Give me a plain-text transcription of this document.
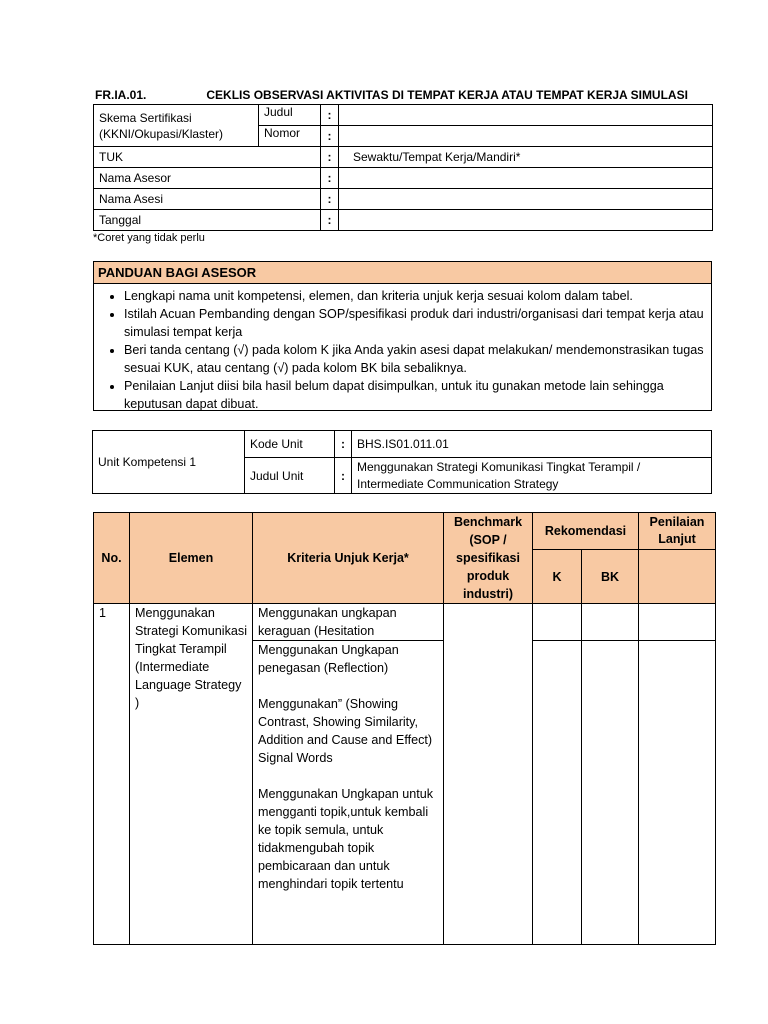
FR.IA.01.	CEKLIS OBSERVASI AKTIVITAS DI TEMPAT KERJA ATAU TEMPAT KERJA SIMULASI
Skema Sertifikasi
(KKNI/Okupasi/Klaster)	Judul	:	
	Nomor	:	
TUK		:	Sewaktu/Tempat Kerja/Mandiri*
Nama Asesor		:	
Nama Asesi		:	
Tanggal		:	
*Coret yang tidak perlu
PANDUAN BAGI ASESOR
• Lengkapi nama unit kompetensi, elemen, dan kriteria unjuk kerja sesuai kolom dalam tabel.
• Istilah Acuan Pembanding dengan SOP/spesifikasi produk dari industri/organisasi dari tempat kerja atau simulasi tempat kerja
• Beri tanda centang (√) pada kolom K jika Anda yakin asesi dapat melakukan/ mendemonstrasikan tugas sesuai KUK, atau centang (√) pada kolom BK bila sebaliknya.
• Penilaian Lanjut diisi bila hasil belum dapat disimpulkan, untuk itu gunakan metode lain sehingga keputusan dapat dibuat.
Unit Kompetensi 1	Kode Unit	:	BHS.IS01.011.01
	Judul Unit	:	Menggunakan Strategi Komunikasi Tingkat Terampil /
Intermediate Communication Strategy
No.	Elemen	Kriteria Unjuk Kerja*	Benchmark (SOP / spesifikasi produk industri)	Rekomendasi		Penilaian Lanjut
				K	BK	
1	Menggunakan Strategi Komunikasi Tingkat Terampil (Intermediate Language Strategy )	Menggunakan ungkapan keraguan (Hesitation				

		Menggunakan Ungkapan penegasan (Reflection)
Menggunakan” (Showing Contrast, Showing Similarity, Addition and Cause and Effect) Signal Words
Menggunakan Ungkapan untuk mengganti topik,untuk kembali ke topik semula, untuk tidakmengubah topik pembicaraan dan untuk menghindari topik tertentu				
